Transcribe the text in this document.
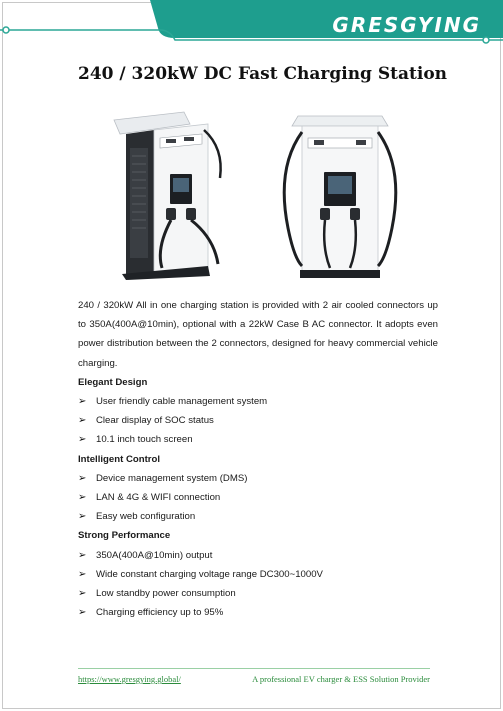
GRESGYING
240 / 320kW DC Fast Charging Station

240 / 320kW All in one charging station is provided with 2 air cooled connectors up to 350A(400A@10min), optional with a 22kW Case B AC connector. It adopts even power distribution between the 2 connectors, designed for heavy commercial vehicle charging.

Elegant Design
➢ User friendly cable management system
➢ Clear display of SOC status
➢ 10.1 inch touch screen
Intelligent Control
➢ Device management system (DMS)
➢ LAN & 4G & WIFI connection
➢ Easy web configuration
Strong Performance
➢ 350A(400A@10min) output
➢ Wide constant charging voltage range DC300~1000V
➢ Low standby power consumption
➢ Charging efficiency up to 95%
https://www.gresgying.global/	A professional EV charger & ESS Solution Provider
